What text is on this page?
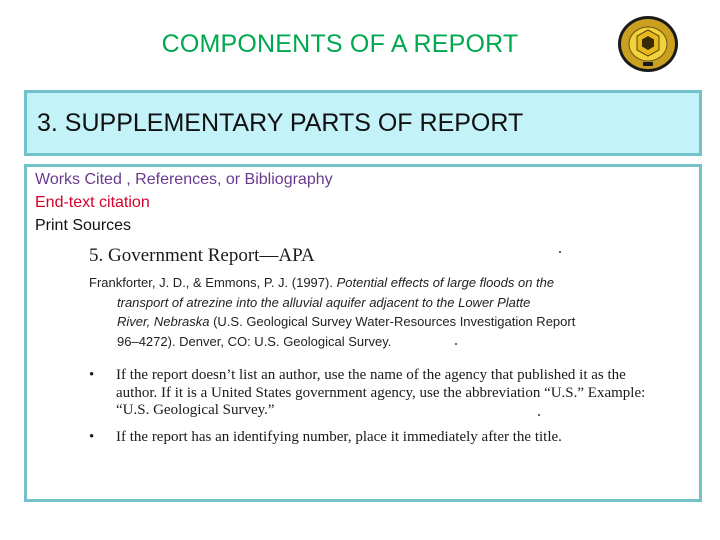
COMPONENTS OF A REPORT
3. SUPPLEMENTARY PARTS OF REPORT
Works Cited , References, or Bibliography
End-text citation
Print Sources
5. Government Report—APA
Frankforter, J. D., & Emmons, P. J. (1997). Potential effects of large floods on the
transport of atrezine into the alluvial aquifer adjacent to the Lower Platte
River, Nebraska (U.S. Geological Survey Water-Resources Investigation Report
96–4272). Denver, CO: U.S. Geological Survey.
•	If the report doesn’t list an author, use the name of the agency that published it as the author. If it is a United States government agency, use the abbreviation “U.S.” Example: “U.S. Geological Survey.”
•	If the report has an identifying number, place it immediately after the title.
